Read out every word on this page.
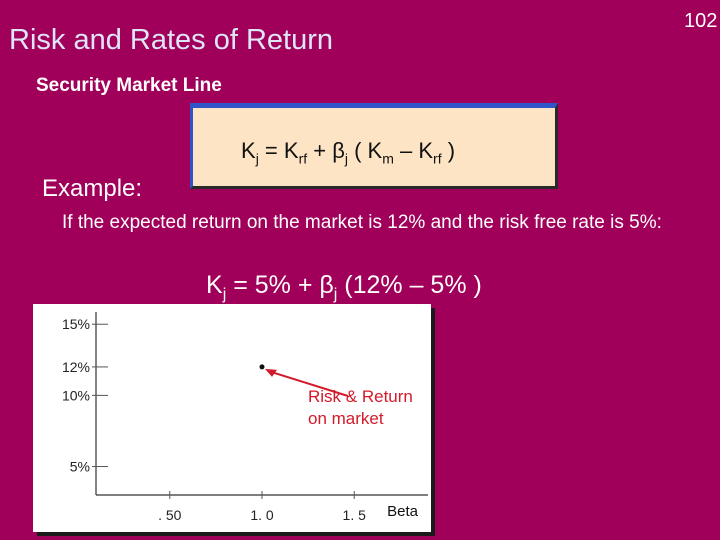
102
Risk and Rates of Return
Security Market Line
$K_j = K_{rf} + \beta_j$ ( $K_m - K_{rf}$ )
Example:
If the expected return on the market is 12% and the risk free rate is 5%:
$K_j = 5\% + \beta_j$ (12% – 5% )
5%
10%
12%
15%
. 50	1. 0	1. 5 Beta
Risk & Return
on market
